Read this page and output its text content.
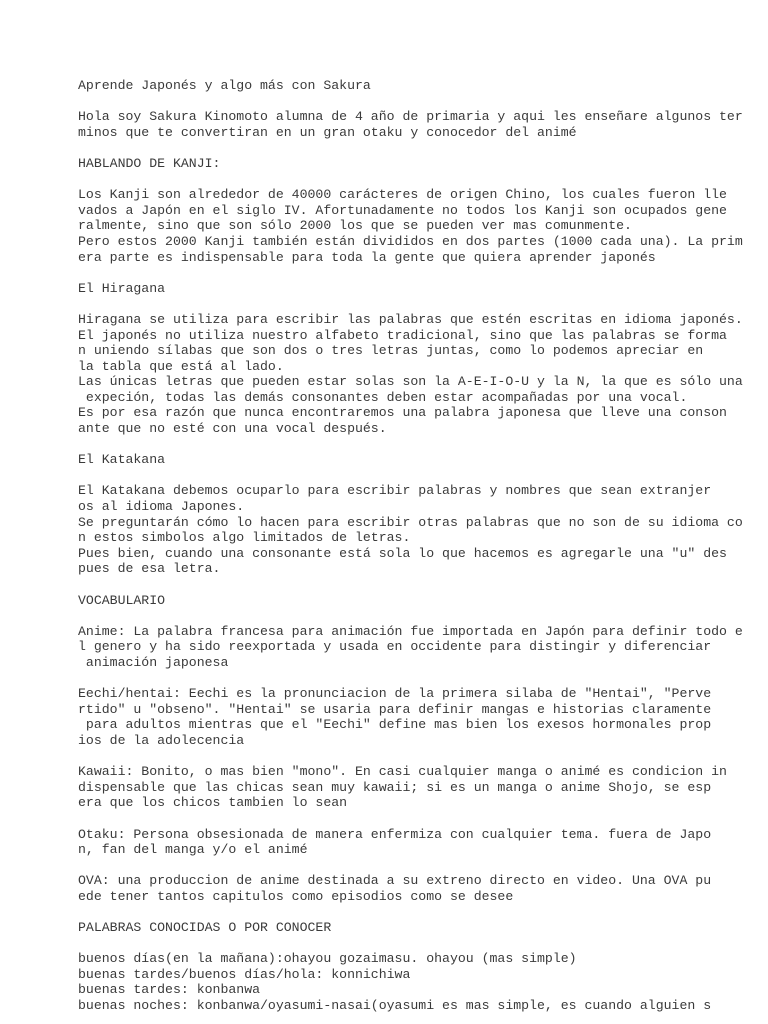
Aprende Japonés y algo más con Sakura
Hola soy Sakura Kinomoto alumna de 4 año de primaria y aqui les enseñare algunos ter
minos que te convertiran en un gran otaku y conocedor del animé
HABLANDO DE KANJI:
Los Kanji son alrededor de 40000 carácteres de origen Chino, los cuales fueron lle
vados a Japón en el siglo IV. Afortunadamente no todos los Kanji son ocupados gene
ralmente, sino que son sólo 2000 los que se pueden ver mas comunmente.
Pero estos 2000 Kanji también están divididos en dos partes (1000 cada una). La prim
era parte es indispensable para toda la gente que quiera aprender japonés
El Hiragana
Hiragana se utiliza para escribir las palabras que estén escritas en idioma japonés.
El japonés no utiliza nuestro alfabeto tradicional, sino que las palabras se forma
n uniendo sílabas que son dos o tres letras juntas, como lo podemos apreciar en
la tabla que está al lado.
Las únicas letras que pueden estar solas son la A-E-I-O-U y la N, la que es sólo una
expeción, todas las demás consonantes deben estar acompañadas por una vocal.
Es por esa razón que nunca encontraremos una palabra japonesa que lleve una conson
ante que no esté con una vocal después.
El Katakana
El Katakana debemos ocuparlo para escribir palabras y nombres que sean extranjer
os al idioma Japones.
Se preguntarán cómo lo hacen para escribir otras palabras que no son de su idioma co
n estos simbolos algo limitados de letras.
Pues bien, cuando una consonante está sola lo que hacemos es agregarle una "u" des
pues de esa letra.
VOCABULARIO
Anime: La palabra francesa para animación fue importada en Japón para definir todo e
l genero y ha sido reexportada y usada en occidente para distingir y diferenciar
animación japonesa
Eechi/hentai: Eechi es la pronunciacion de la primera silaba de "Hentai", "Perve
rtido" u "obseno". "Hentai" se usaria para definir mangas e historias claramente
para adultos mientras que el "Eechi" define mas bien los exesos hormonales prop
ios de la adolecencia
Kawaii: Bonito, o mas bien "mono". En casi cualquier manga o animé es condicion in
dispensable que las chicas sean muy kawaii; si es un manga o anime Shojo, se esp
era que los chicos tambien lo sean
Otaku: Persona obsesionada de manera enfermiza con cualquier tema. fuera de Japo
n, fan del manga y/o el animé
OVA: una produccion de anime destinada a su extreno directo en video. Una OVA pu
ede tener tantos capitulos como episodios como se desee
PALABRAS CONOCIDAS O POR CONOCER
buenos días(en la mañana):ohayou gozaimasu. ohayou (mas simple)
buenas tardes/buenos días/hola: konnichiwa
buenas tardes: konbanwa
buenas noches: konbanwa/oyasumi-nasai(oyasumi es mas simple, es cuando alguien s
